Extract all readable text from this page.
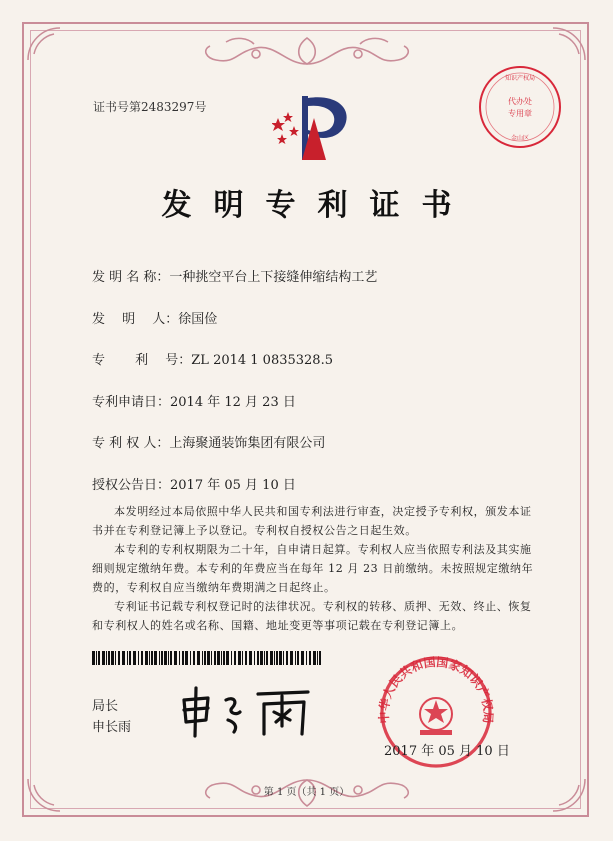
证书号第2483297号	代办处
专用章
知识产权局
金山区
发明专利证书
发 明 名 称：一种挑空平台上下接缝伸缩结构工艺
发　 明　 人：徐国俭
专　 　利　 号：ZL 2014 1 0835328.5
专利申请日：2014 年 12 月 23 日
专 利 权 人：上海聚通装饰集团有限公司
授权公告日：2017 年 05 月 10 日

本发明经过本局依照中华人民共和国专利法进行审查，决定授予专利权，颁发本证书并在专利登记簿上予以登记。专利权自授权公告之日起生效。

本专利的专利权期限为二十年，自申请日起算。专利权人应当依照专利法及其实施细则规定缴纳年费。本专利的年费应当在每年 12 月 23 日前缴纳。未按照规定缴纳年费的，专利权自应当缴纳年费期满之日起终止。

专利证书记载专利权登记时的法律状况。专利权的转移、质押、无效、终止、恢复和专利权人的姓名或名称、国籍、地址变更等事项记载在专利登记簿上。

局长
申长雨
中华人民共和国国家知识产权局
2017 年 05 月 10 日
第 1 页（共 1 页）
